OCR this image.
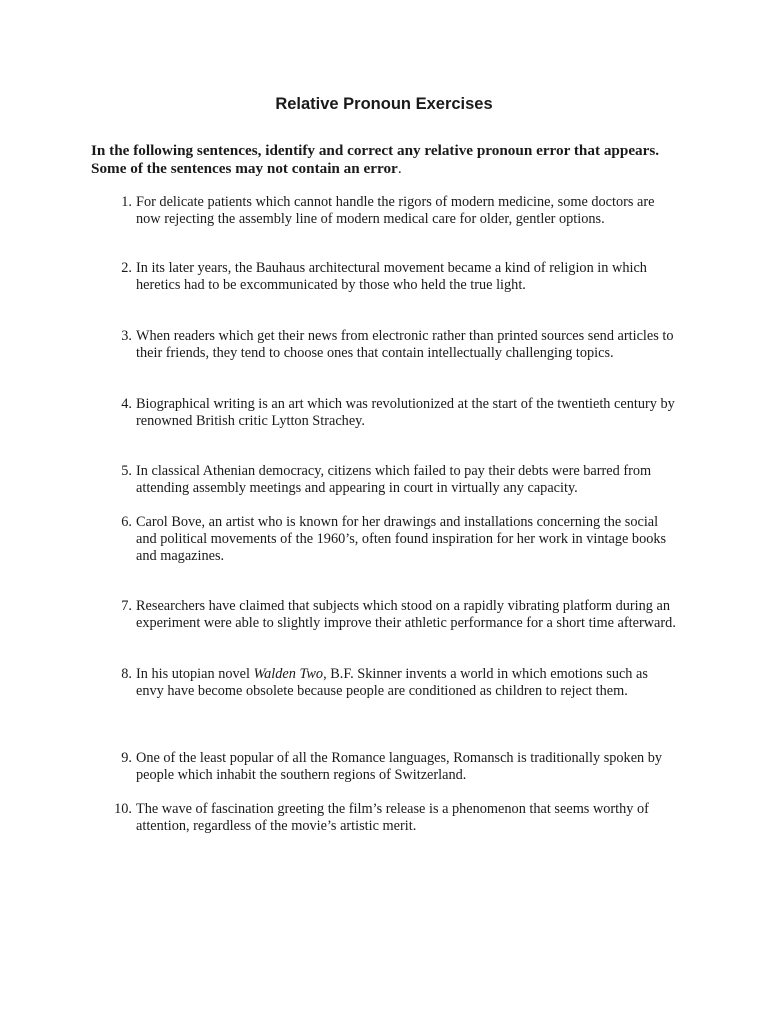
Relative Pronoun Exercises

In the following sentences, identify and correct any relative pronoun error that appears. Some of the sentences may not contain an error.

1. For delicate patients which cannot handle the rigors of modern medicine, some doctors are now rejecting the assembly line of modern medical care for older, gentler options.
2. In its later years, the Bauhaus architectural movement became a kind of religion in which heretics had to be excommunicated by those who held the true light.
3. When readers which get their news from electronic rather than printed sources send articles to their friends, they tend to choose ones that contain intellectually challenging topics.
4. Biographical writing is an art which was revolutionized at the start of the twentieth century by renowned British critic Lytton Strachey.
5. In classical Athenian democracy, citizens which failed to pay their debts were barred from attending assembly meetings and appearing in court in virtually any capacity.
6. Carol Bove, an artist who is known for her drawings and installations concerning the social and political movements of the 1960’s, often found inspiration for her work in vintage books and magazines.
7. Researchers have claimed that subjects which stood on a rapidly vibrating platform during an experiment were able to slightly improve their athletic performance for a short time afterward.
8. In his utopian novel Walden Two, B.F. Skinner invents a world in which emotions such as envy have become obsolete because people are conditioned as children to reject them.
9. One of the least popular of all the Romance languages, Romansch is traditionally spoken by people which inhabit the southern regions of Switzerland.
10. The wave of fascination greeting the film’s release is a phenomenon that seems worthy of attention, regardless of the movie’s artistic merit.
